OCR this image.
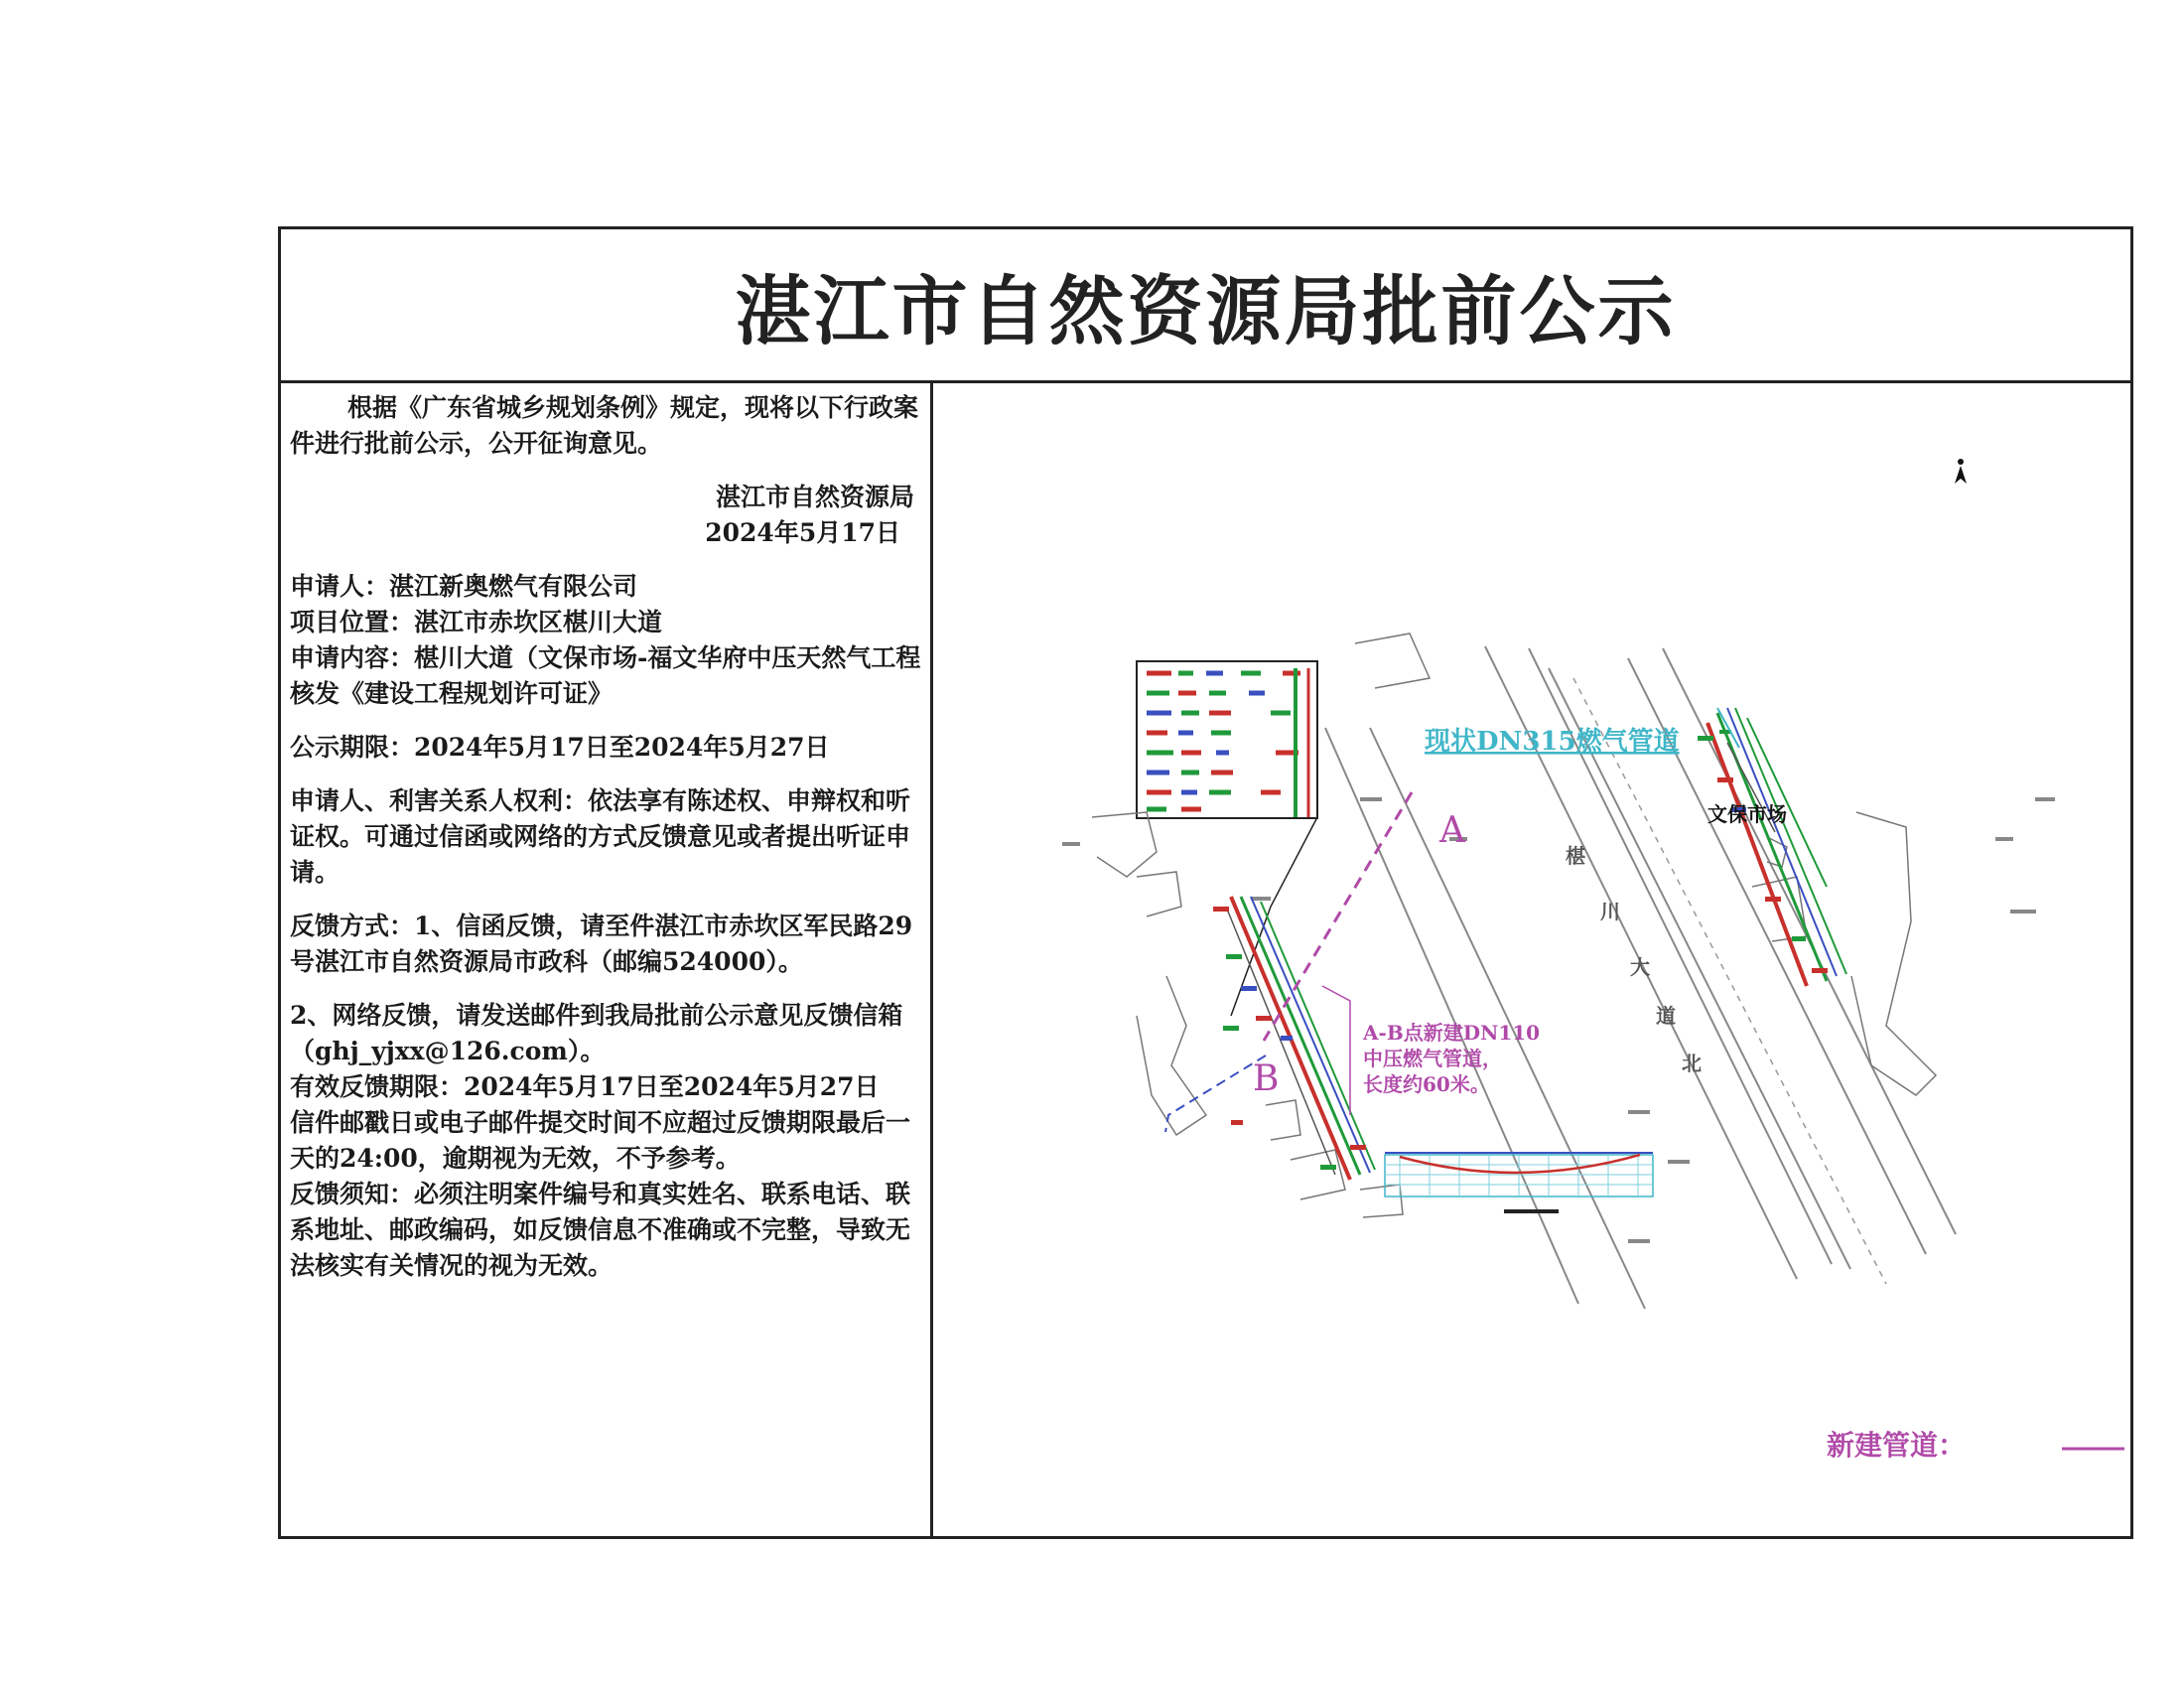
湛江市自然资源局批前公示

根据《广东省城乡规划条例》规定，现将以下行政案件进行批前公示，公开征询意见。

湛江市自然资源局

2024年5月17日

申请人：湛江新奥燃气有限公司

项目位置：湛江市赤坎区椹川大道

申请内容：椹川大道（文保市场-福文华府中压天然气工程核发《建设工程规划许可证》

公示期限：2024年5月17日至2024年5月27日

申请人、利害关系人权利：依法享有陈述权、申辩权和听证权。可通过信函或网络的方式反馈意见或者提出听证申请。

反馈方式：1、信函反馈，请至件湛江市赤坎区军民路29号湛江市自然资源局市政科（邮编524000）。

2、网络反馈，请发送邮件到我局批前公示意见反馈信箱（ghj_yjxx@126.com）。

有效反馈期限：2024年5月17日至2024年5月27日

信件邮戳日或电子邮件提交时间不应超过反馈期限最后一天的24:00，逾期视为无效，不予参考。

反馈须知：必须注明案件编号和真实姓名、联系电话、联系地址、邮政编码，如反馈信息不准确或不完整，导致无法核实有关情况的视为无效。

椹
川
大
道
北
现状DN315燃气管道
文保市场
A
B
A-B点新建DN110
中压燃气管道，
长度约60米。
新建管道：
